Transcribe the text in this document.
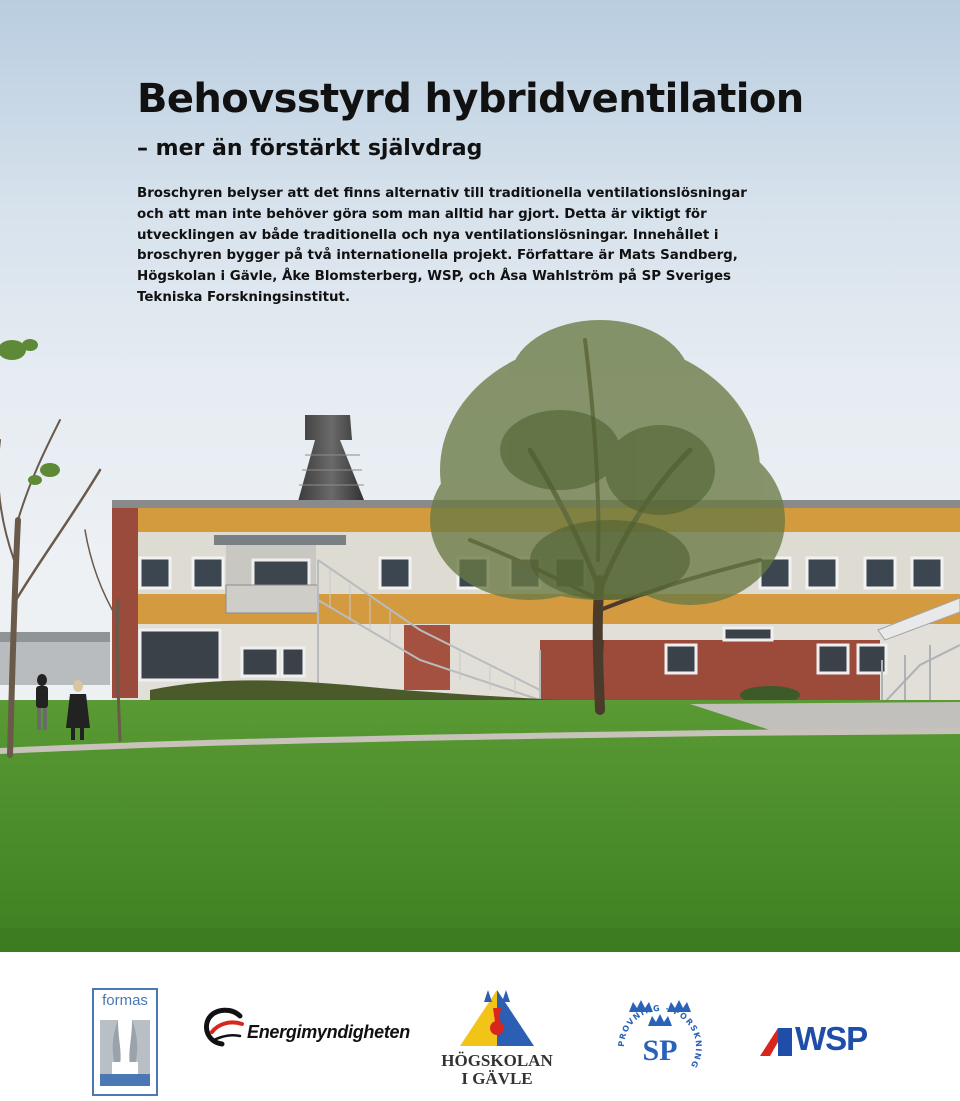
Behovsstyrd hybridventilation
– mer än förstärkt självdrag

Broschyren belyser att det finns alternativ till traditionella ventilationslösningar och att man inte behöver göra som man alltid har gjort. Detta är viktigt för utvecklingen av både traditionella och nya ventilationslösningar. Innehållet i broschyren bygger på två internationella projekt. Författare är Mats Sandberg, Högskolan i Gävle, Åke Blomsterberg, WSP, och Åsa Wahlström på SP Sveriges Tekniska Forskningsinstitut.

formas
Energimyndigheten
HÖGSKOLAN
I GÄVLE
PROVNING · FORSKNING
SP	WSP
